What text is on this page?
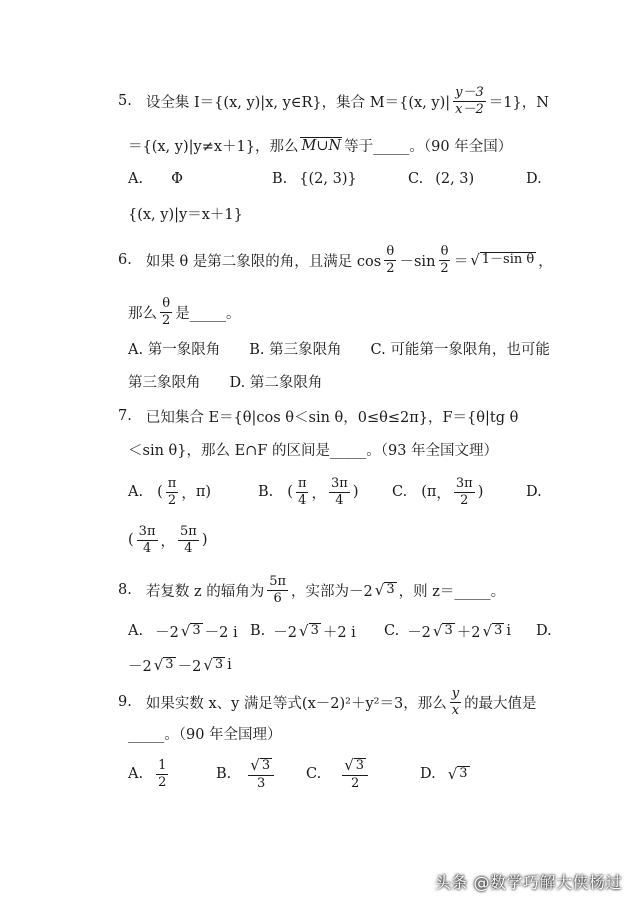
5. 设全集 I＝{(x, y)|x, y∈R}，集合 M＝{(x, $y)| \frac{y-3}{x-2} =1$}，N
＝{(x, y)|y≠x＋1}，那么 M∪N 等于_____。（90 年全国）
A. Φ	B. {(2, 3)}	C. (2, 3)	D.
{(x, y)|y＝x＋1}
6. 如果 θ 是第二象限的角，且满足 $\cos \frac{\theta}{2} -\sin \frac{\theta}{2}$ ＝ √ 1－sin θ ，
那么 $\frac{\theta}{2}$ 是_____。
A. 第一象限角　　B. 第三象限角　　C. 可能第一象限角，也可能
第三象限角　　D. 第二象限角
7. 已知集合 E＝{θ|cos θ＜sin θ，0≤θ≤2π}，F＝{θ|tg θ
＜sin θ}，那么 E∩F 的区间是_____。（93 年全国文理）
A. ( $\frac{\pi}{2}$ ， π )	B. ( $\frac{\pi}{4}$ ， $\frac{3\pi}{4}$ ) C. ( π ， $\frac{3\pi}{2}$ )	D.
( $\frac{3\pi}{4}$ ， $\frac{5\pi}{4}$ )
8. 若复数 z 的辐角为 $\frac{5\pi}{6}$ ，实部为－2 √ 3 ，则 z＝_____。
A. －2 √ 3 －2 i B. －2 √ 3 ＋2 i C. －2 √ 3 ＋2 √ 3 i D.
－2 √ 3 －2 √ 3 i
9. 如果实数 x、y 满足等式(x－2)²＋y²＝3，那么 $\frac{y}{x}$ 的最大值是
_____。（90 年全国理）
A. $\frac{1}{2}$	B. $\frac{√ 3}{3} C$. $\frac{√ 3}{2}$	D. √ 3
头条 @数学巧解大侠杨过
